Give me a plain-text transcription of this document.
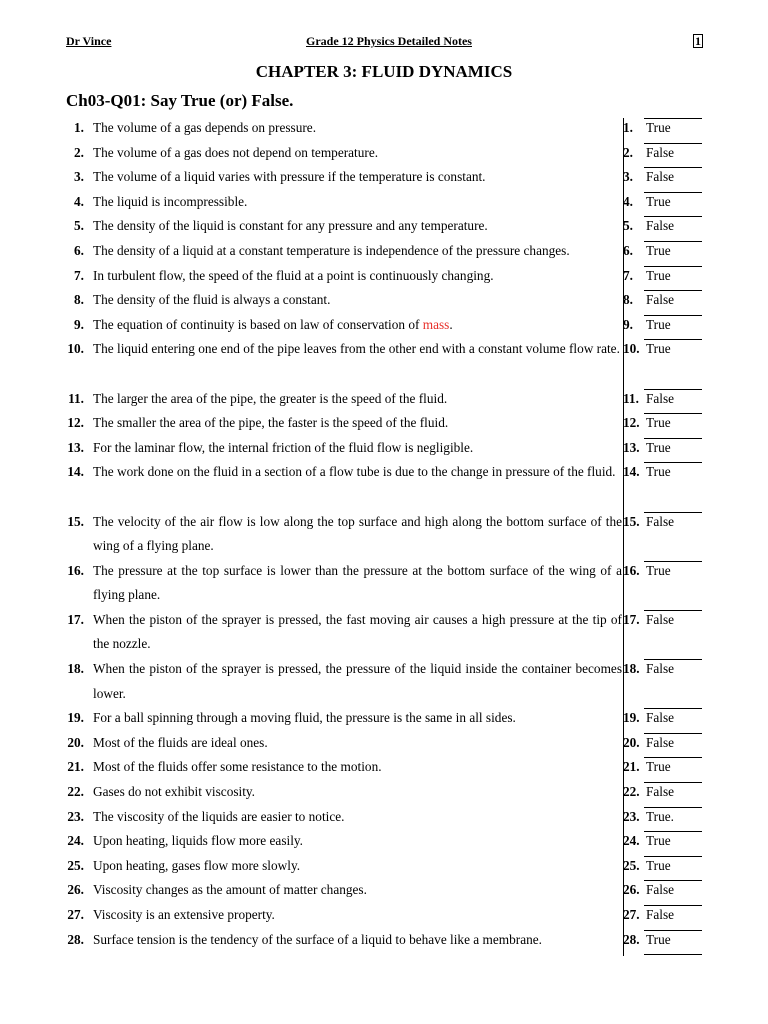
Dr Vince	Grade 12 Physics Detailed Notes	1
CHAPTER 3: FLUID DYNAMICS
Ch03-Q01: Say True (or) False.
1. The volume of a gas depends on pressure.	1. True
2. The volume of a gas does not depend on temperature.	2. False
3. The volume of a liquid varies with pressure if the temperature is constant.	3. False
4. The liquid is incompressible.	4. True
5. The density of the liquid is constant for any pressure and any temperature.	5. False
6. The density of a liquid at a constant temperature is independence of the pressure changes.	6. True
7. In turbulent flow, the speed of the fluid at a point is continuously changing.	7. True
8. The density of the fluid is always a constant.	8. False
9. The equation of continuity is based on law of conservation of mass.	9. True
10. The liquid entering one end of the pipe leaves from the other end with a constant volume flow rate. 10. True
11. The larger the area of the pipe, the greater is the speed of the fluid.	11. False
12. The smaller the area of the pipe, the faster is the speed of the fluid.	12. True
13. For the laminar flow, the internal friction of the fluid flow is negligible.	13. True
14. The work done on the fluid in a section of a flow tube is due to the change in pressure of the fluid. 14. True
15. The velocity of the air flow is low along the top surface and high along the bottom surface of the wing of a flying plane.
15. False
16. The pressure at the top surface is lower than the pressure at the bottom surface of the wing of a flying plane.
16. True
17. When the piston of the sprayer is pressed, the fast moving air causes a high pressure at the tip of the nozzle.
17. False
18. When the piston of the sprayer is pressed, the pressure of the liquid inside the container becomes lower.
18. False
19. For a ball spinning through a moving fluid, the pressure is the same in all sides.	19. False
20. Most of the fluids are ideal ones.	20. False
21. Most of the fluids offer some resistance to the motion.	21. True
22. Gases do not exhibit viscosity.	22. False
23. The viscosity of the liquids are easier to notice.	23. True.
24. Upon heating, liquids flow more easily.	24. True
25. Upon heating, gases flow more slowly.	25. True
26. Viscosity changes as the amount of matter changes.	26. False
27. Viscosity is an extensive property.	27. False
28. Surface tension is the tendency of the surface of a liquid to behave like a membrane.	28. True
